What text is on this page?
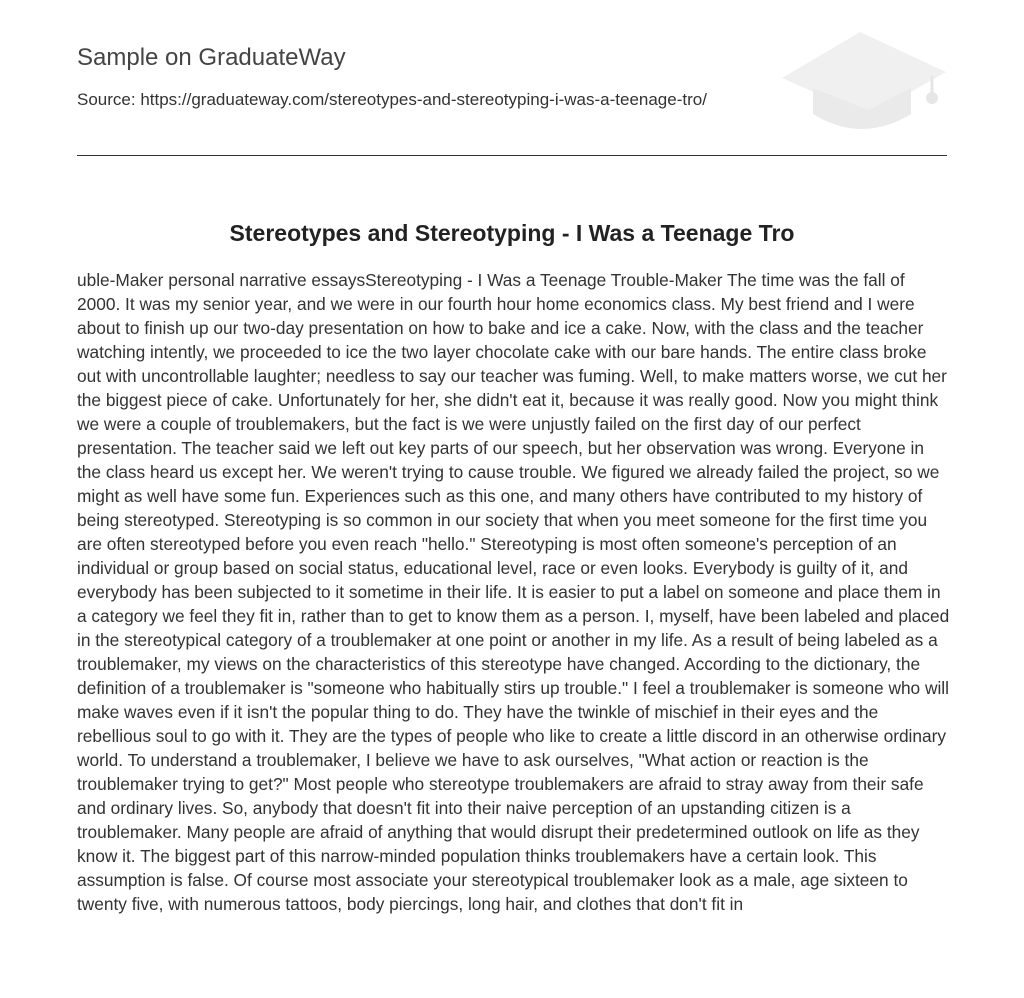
Sample on GraduateWay
Source: https://graduateway.com/stereotypes-and-stereotyping-i-was-a-teenage-tro/
Stereotypes and Stereotyping - I Was a Teenage Tro

uble-Maker personal narrative essaysStereotyping - I Was a Teenage Trouble-Maker The time was the fall of 2000. It was my senior year, and we were in our fourth hour home economics class. My best friend and I were about to finish up our two-day presentation on how to bake and ice a cake. Now, with the class and the teacher watching intently, we proceeded to ice the two layer chocolate cake with our bare hands. The entire class broke out with uncontrollable laughter; needless to say our teacher was fuming. Well, to make matters worse, we cut her the biggest piece of cake. Unfortunately for her, she didn't eat it, because it was really good. Now you might think we were a couple of troublemakers, but the fact is we were unjustly failed on the first day of our perfect presentation. The teacher said we left out key parts of our speech, but her observation was wrong. Everyone in the class heard us except her. We weren't trying to cause trouble. We figured we already failed the project, so we might as well have some fun. Experiences such as this one, and many others have contributed to my history of being stereotyped. Stereotyping is so common in our society that when you meet someone for the first time you are often stereotyped before you even reach "hello." Stereotyping is most often someone's perception of an individual or group based on social status, educational level, race or even looks. Everybody is guilty of it, and everybody has been subjected to it sometime in their life. It is easier to put a label on someone and place them in a category we feel they fit in, rather than to get to know them as a person. I, myself, have been labeled and placed in the stereotypical category of a troublemaker at one point or another in my life. As a result of being labeled as a troublemaker, my views on the characteristics of this stereotype have changed. According to the dictionary, the definition of a troublemaker is "someone who habitually stirs up trouble." I feel a troublemaker is someone who will make waves even if it isn't the popular thing to do. They have the twinkle of mischief in their eyes and the rebellious soul to go with it. They are the types of people who like to create a little discord in an otherwise ordinary world. To understand a troublemaker, I believe we have to ask ourselves, "What action or reaction is the troublemaker trying to get?" Most people who stereotype troublemakers are afraid to stray away from their safe and ordinary lives. So, anybody that doesn't fit into their naive perception of an upstanding citizen is a troublemaker. Many people are afraid of anything that would disrupt their predetermined outlook on life as they know it. The biggest part of this narrow-minded population thinks troublemakers have a certain look. This assumption is false. Of course most associate your stereotypical troublemaker look as a male, age sixteen to twenty five, with numerous tattoos, body piercings, long hair, and clothes that don't fit in
